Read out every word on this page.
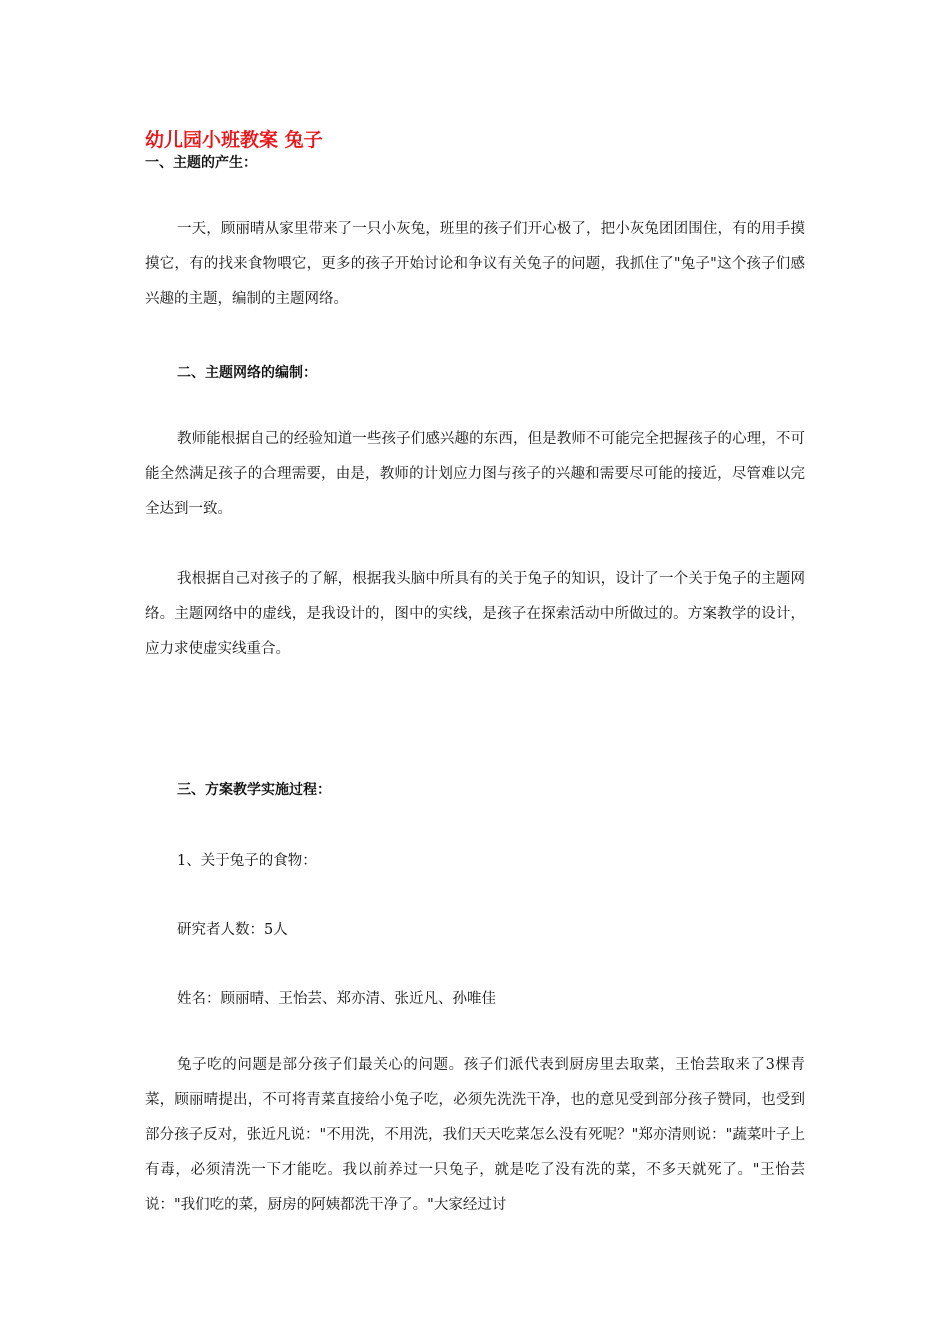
幼儿园小班教案 兔子
一、主题的产生：

一天，顾丽晴从家里带来了一只小灰兔，班里的孩子们开心极了，把小灰兔团团围住，有的用手摸摸它，有的找来食物喂它，更多的孩子开始讨论和争议有关兔子的问题，我抓住了"兔子"这个孩子们感兴趣的主题，编制的主题网络。

二、主题网络的编制：

教师能根据自己的经验知道一些孩子们感兴趣的东西，但是教师不可能完全把握孩子的心理，不可能全然满足孩子的合理需要，由是，教师的计划应力图与孩子的兴趣和需要尽可能的接近，尽管难以完全达到一致。

我根据自己对孩子的了解，根据我头脑中所具有的关于兔子的知识，设计了一个关于兔子的主题网络。主题网络中的虚线，是我设计的，图中的实线，是孩子在探索活动中所做过的。方案教学的设计，应力求使虚实线重合。

三、方案教学实施过程：

1、关于兔子的食物：

研究者人数：5人

姓名：顾丽晴、王怡芸、郑亦清、张近凡、孙唯佳

兔子吃的问题是部分孩子们最关心的问题。孩子们派代表到厨房里去取菜，王怡芸取来了3棵青菜，顾丽晴提出，不可将青菜直接给小兔子吃，必须先洗洗干净，也的意见受到部分孩子赞同，也受到部分孩子反对，张近凡说："不用洗，不用洗，我们天天吃菜怎么没有死呢？"郑亦清则说："蔬菜叶子上有毒，必须清洗一下才能吃。我以前养过一只兔子，就是吃了没有洗的菜，不多天就死了。"王怡芸说："我们吃的菜，厨房的阿姨都洗干净了。"大家经过讨
